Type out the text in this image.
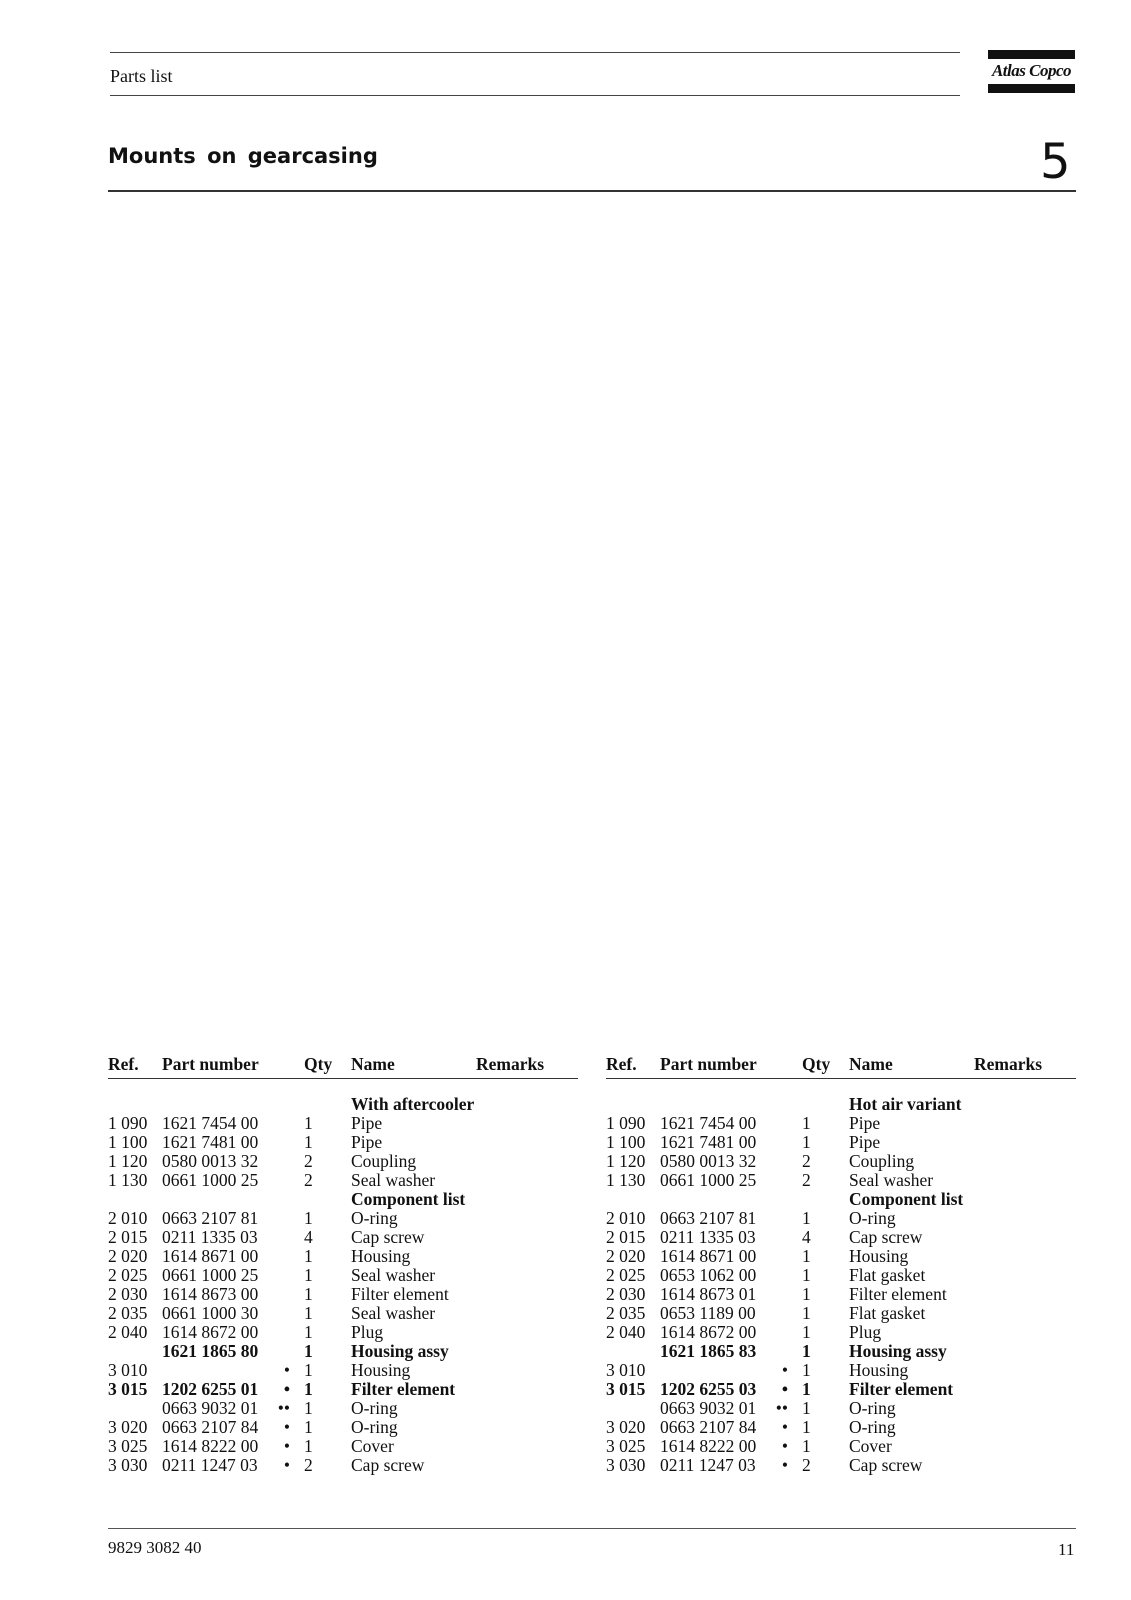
Parts list	Atlas Copco
Mounts on gearcasing	5
Ref. Part number	Qty Name	Remarks
With aftercooler
1 090 1621 7454 00	1 Pipe
1 100 1621 7481 00	1 Pipe
1 120 0580 0013 32	2 Coupling
1 130 0661 1000 25	2 Seal washer
Component list
2 010 0663 2107 81	1 O-ring
2 015 0211 1335 03	4 Cap screw
2 020 1614 8671 00	1 Housing
2 025 0661 1000 25	1 Seal washer
2 030 1614 8673 00	1 Filter element
2 035 0661 1000 30	1 Seal washer
2 040 1614 8672 00	1 Plug
1621 1865 80	1 Housing assy
3 010	• 1 Housing
3 015 1202 6255 01	• 1 Filter element
0663 9032 01	•• 1 O-ring
3 020 0663 2107 84	• 1 O-ring
3 025 1614 8222 00	• 1 Cover
3 030 0211 1247 03	• 2 Cap screw
Ref. Part number	Qty Name	Remarks
Hot air variant
1 090 1621 7454 00	1 Pipe
1 100 1621 7481 00	1 Pipe
1 120 0580 0013 32	2 Coupling
1 130 0661 1000 25	2 Seal washer
Component list
2 010 0663 2107 81	1 O-ring
2 015 0211 1335 03	4 Cap screw
2 020 1614 8671 00	1 Housing
2 025 0653 1062 00	1 Flat gasket
2 030 1614 8673 01	1 Filter element
2 035 0653 1189 00	1 Flat gasket
2 040 1614 8672 00	1 Plug
1621 1865 83	1 Housing assy
3 010	• 1 Housing
3 015 1202 6255 03	• 1 Filter element
0663 9032 01	•• 1 O-ring
3 020 0663 2107 84	• 1 O-ring
3 025 1614 8222 00	• 1 Cover
3 030 0211 1247 03	• 2 Cap screw
9829 3082 40	11
